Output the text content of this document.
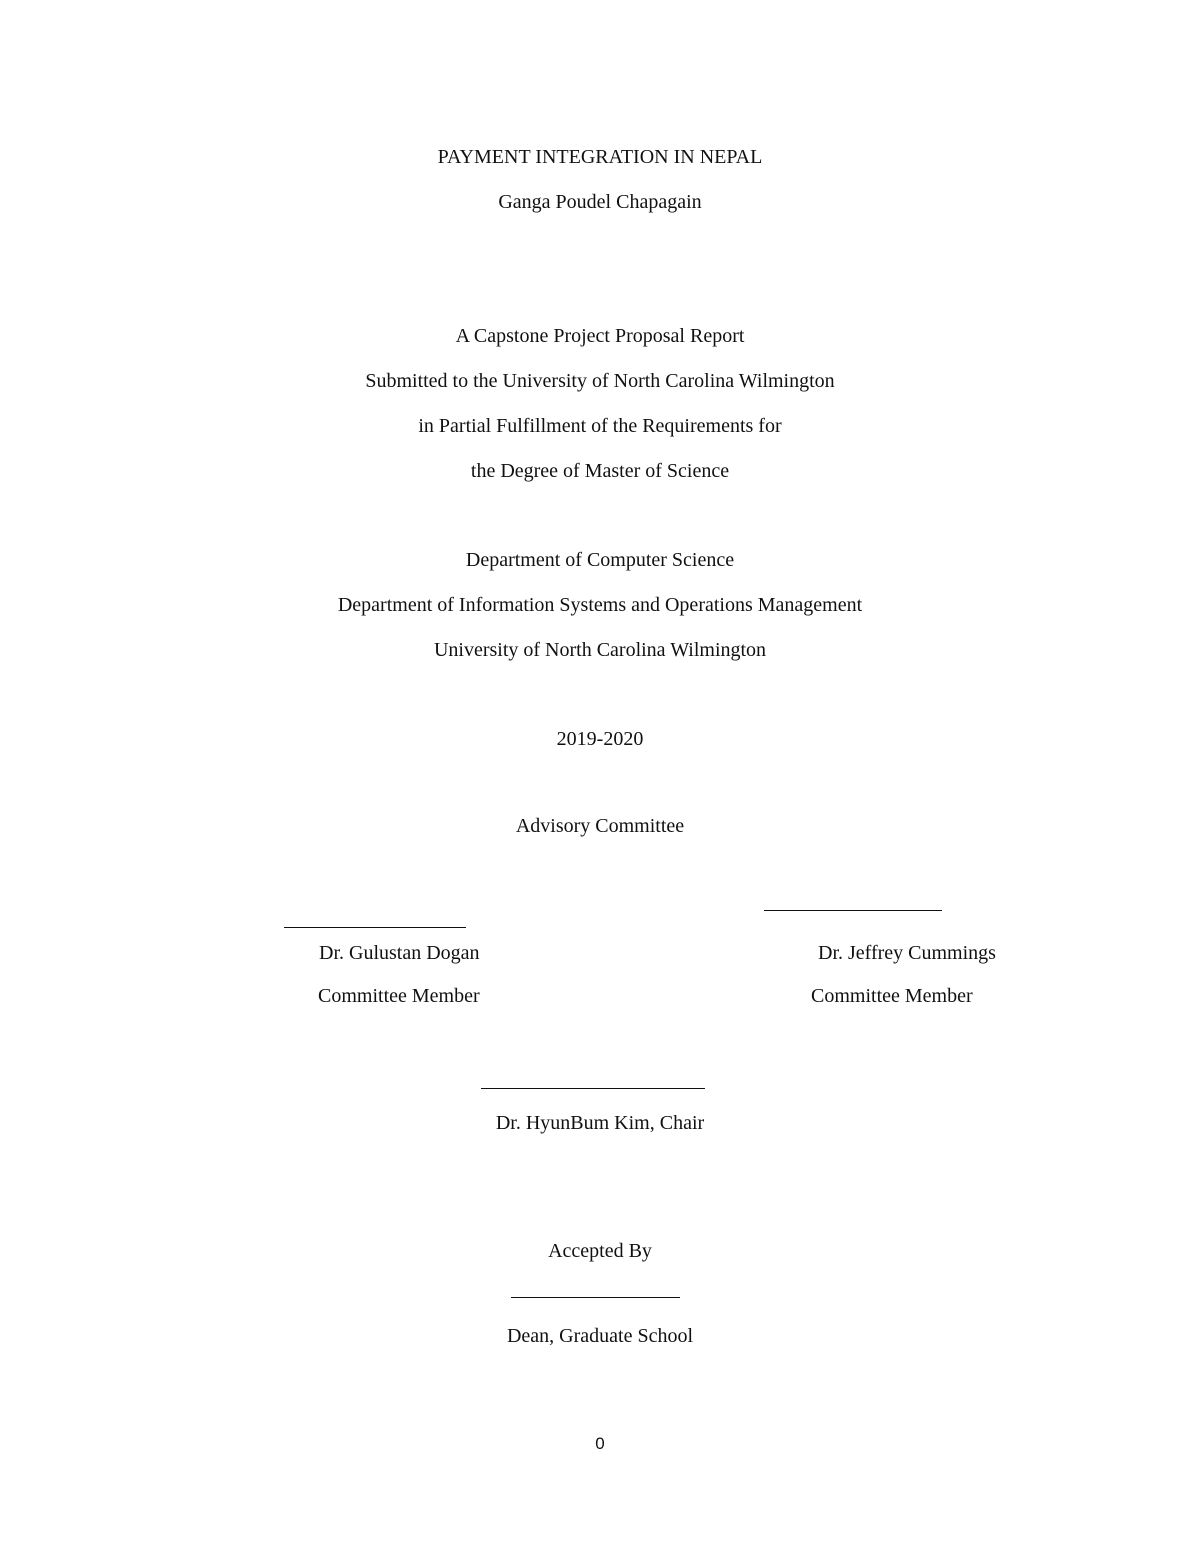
PAYMENT INTEGRATION IN NEPAL
Ganga Poudel Chapagain
A Capstone Project Proposal Report
Submitted to the University of North Carolina Wilmington
in Partial Fulfillment of the Requirements for
the Degree of Master of Science
Department of Computer Science
Department of Information Systems and Operations Management
University of North Carolina Wilmington
2019-2020
Advisory Committee
Dr. Gulustan Dogan
Committee Member
Dr. Jeffrey Cummings
Committee Member
Dr. HyunBum Kim, Chair
Accepted By
Dean, Graduate School
0
